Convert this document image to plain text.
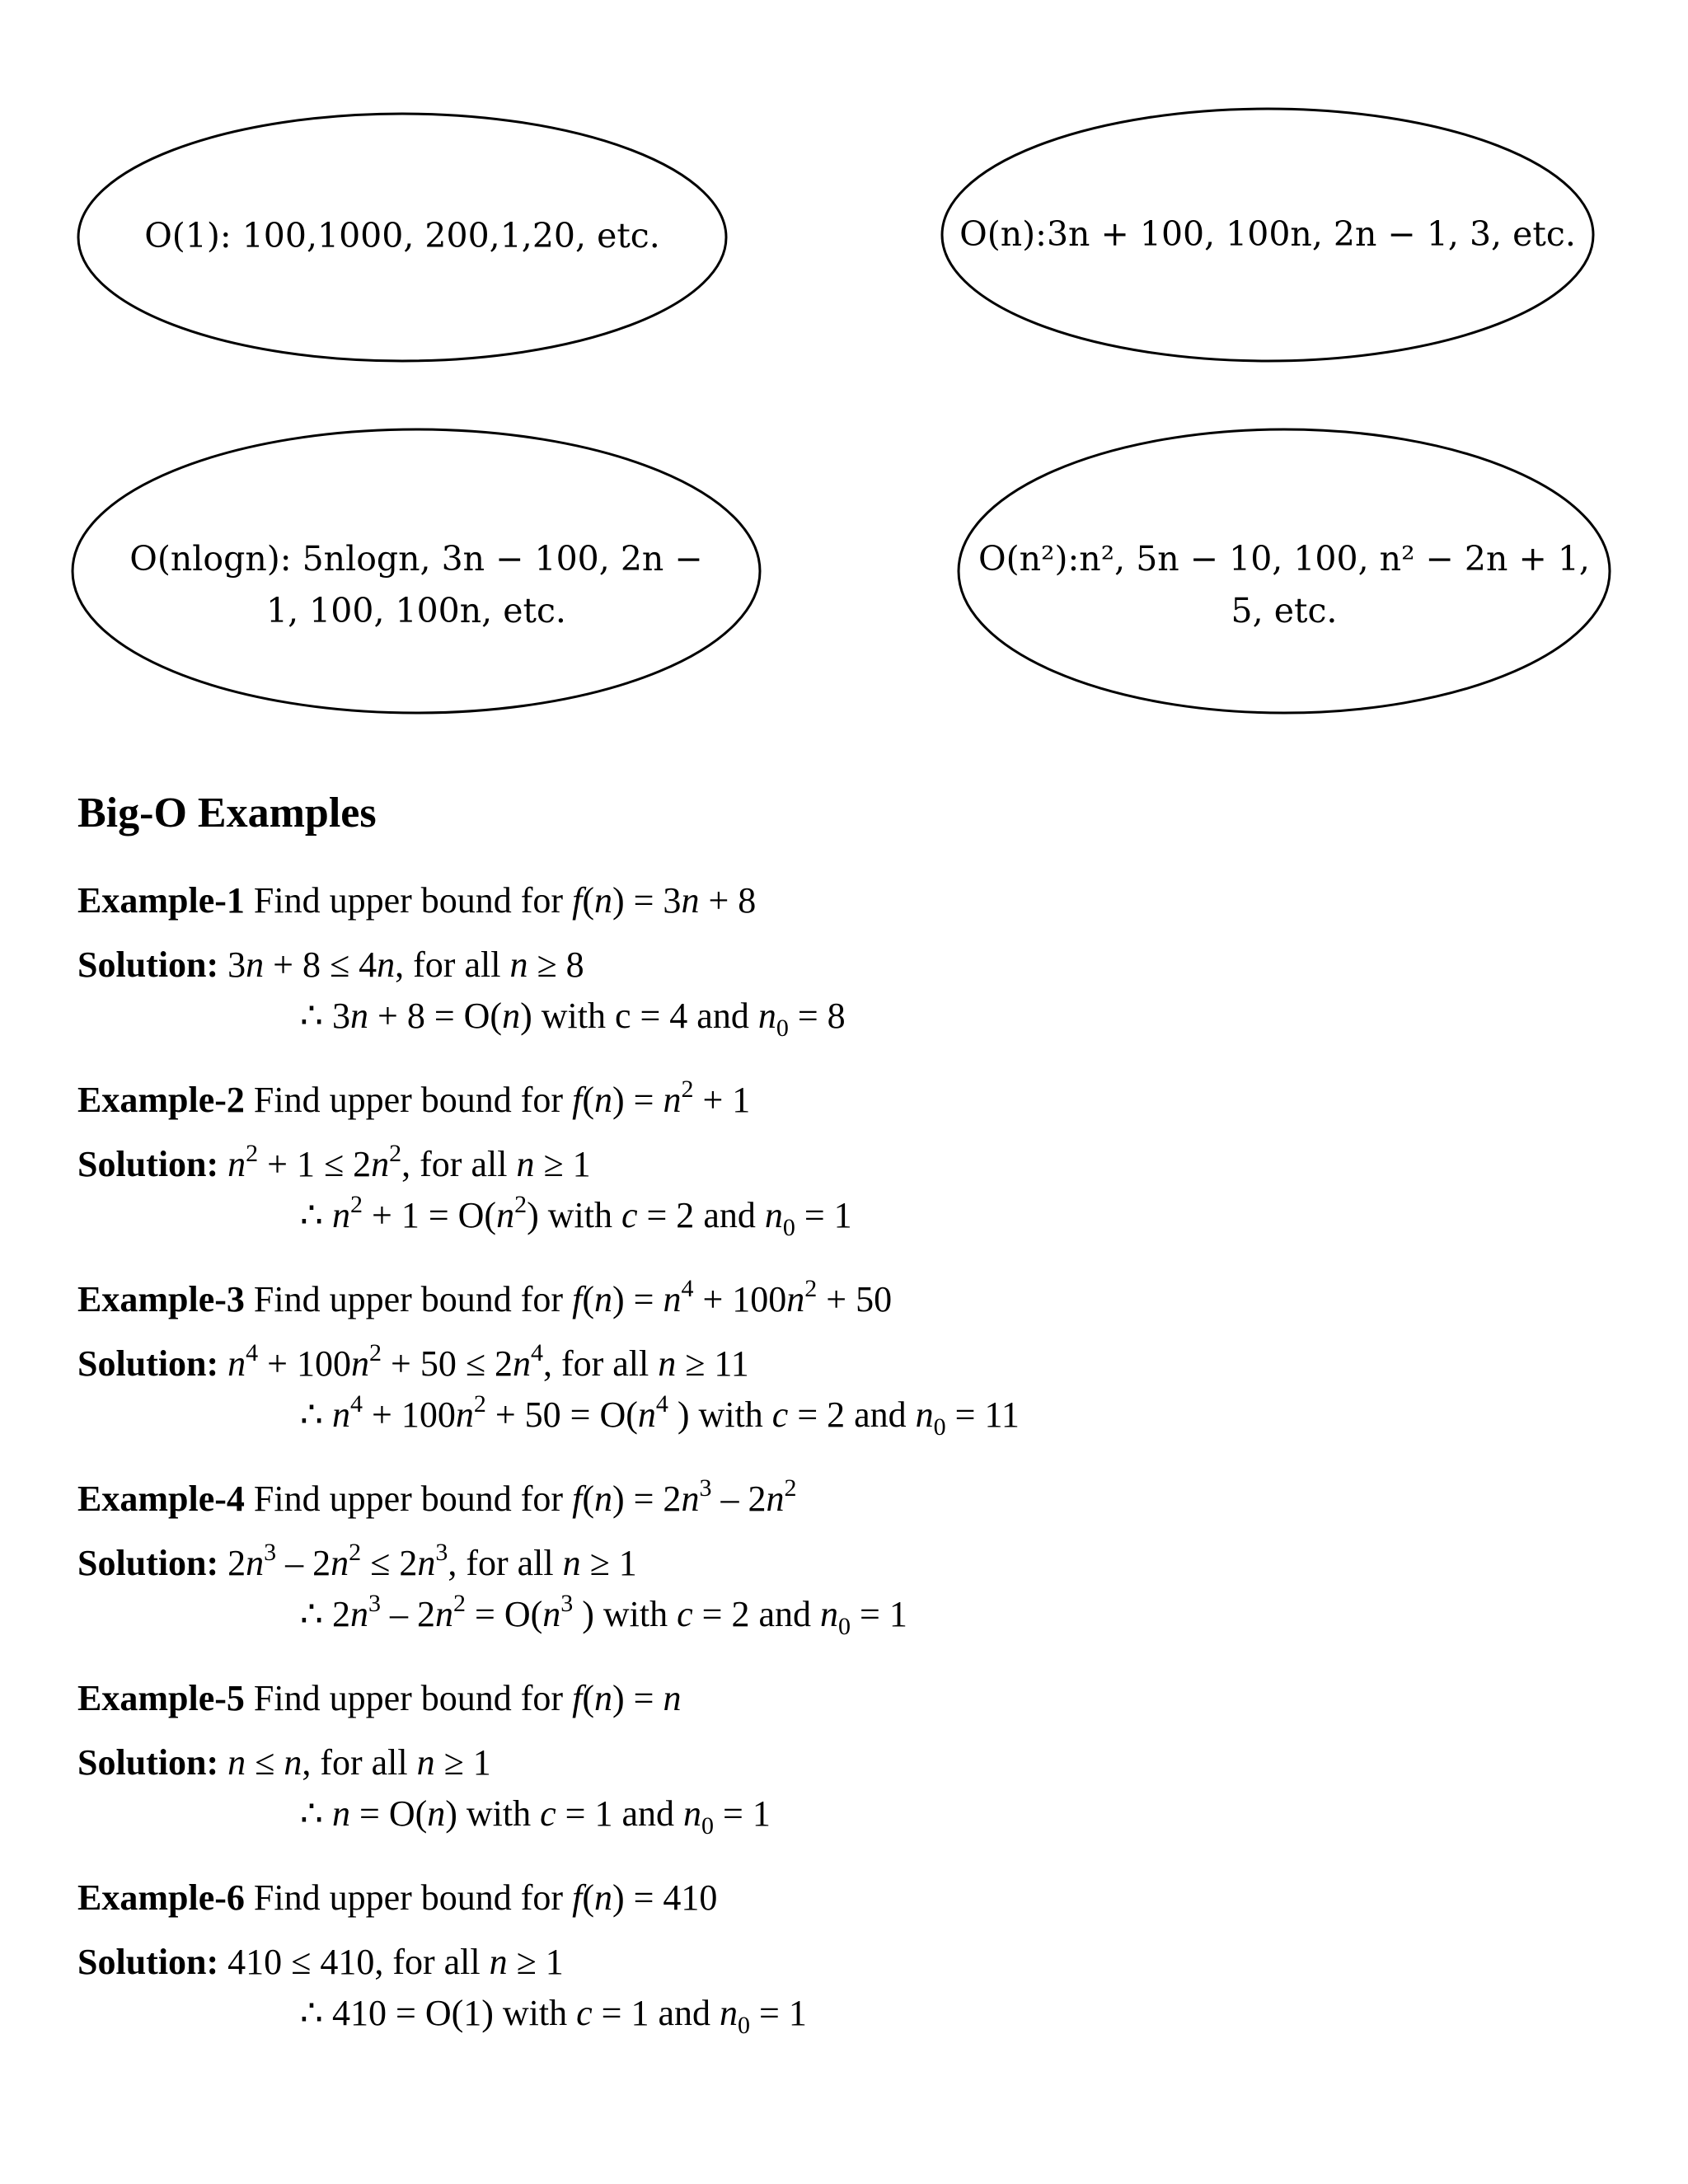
O(1): 100,1000, 200,1,20, etc.	O(n):3n + 100, 100n, 2n − 1, 3, etc.
O(nlogn): 5nlogn, 3n − 100, 2n −
1, 100, 100n, etc.
O(n²):n², 5n − 10, 100, n² − 2n + 1,
5, etc.
Big-O Examples

Example-1 Find upper bound for f(n) = 3n + 8

Solution: 3n + 8 ≤ 4n, for all n ≥ 8
∴ 3n + 8 = O(n) with c = 4 and $n_0 = 8$

Example-2 Find upper bound for $f(n) = n^2 + 1$

Solution: $n^2 + 1 \le 2n^2$, for all n ≥ 1
∴ $n^2 + 1 = O(n^2)$ with c = 2 and $n_0 = 1$

Example-3 Find upper bound for $f(n) = n^4 + 100n^2 + 50$

Solution: $n^4 + 100n^2 + 50 \le 2n^4$, for all n ≥ 11
∴ $n^4 + 100n^2 + 50 = O(n^4$ ) with c = 2 and $n_0 = 11$

Example-4 Find upper bound for $f(n) = 2n^3 - 2n^2$

Solution: $2n^3 - 2n^2 \le 2n^3$, for all n ≥ 1
∴ $2n^3 - 2n^2 = O(n^3$ ) with c = 2 and $n_0 = 1$

Example-5 Find upper bound for f(n) = n

Solution: n ≤ n, for all n ≥ 1
∴ n = O(n) with c = 1 and $n_0 = 1$

Example-6 Find upper bound for f(n) = 410

Solution: 410 ≤ 410, for all n ≥ 1
∴ 410 = O(1) with c = 1 and $n_0 = 1$
